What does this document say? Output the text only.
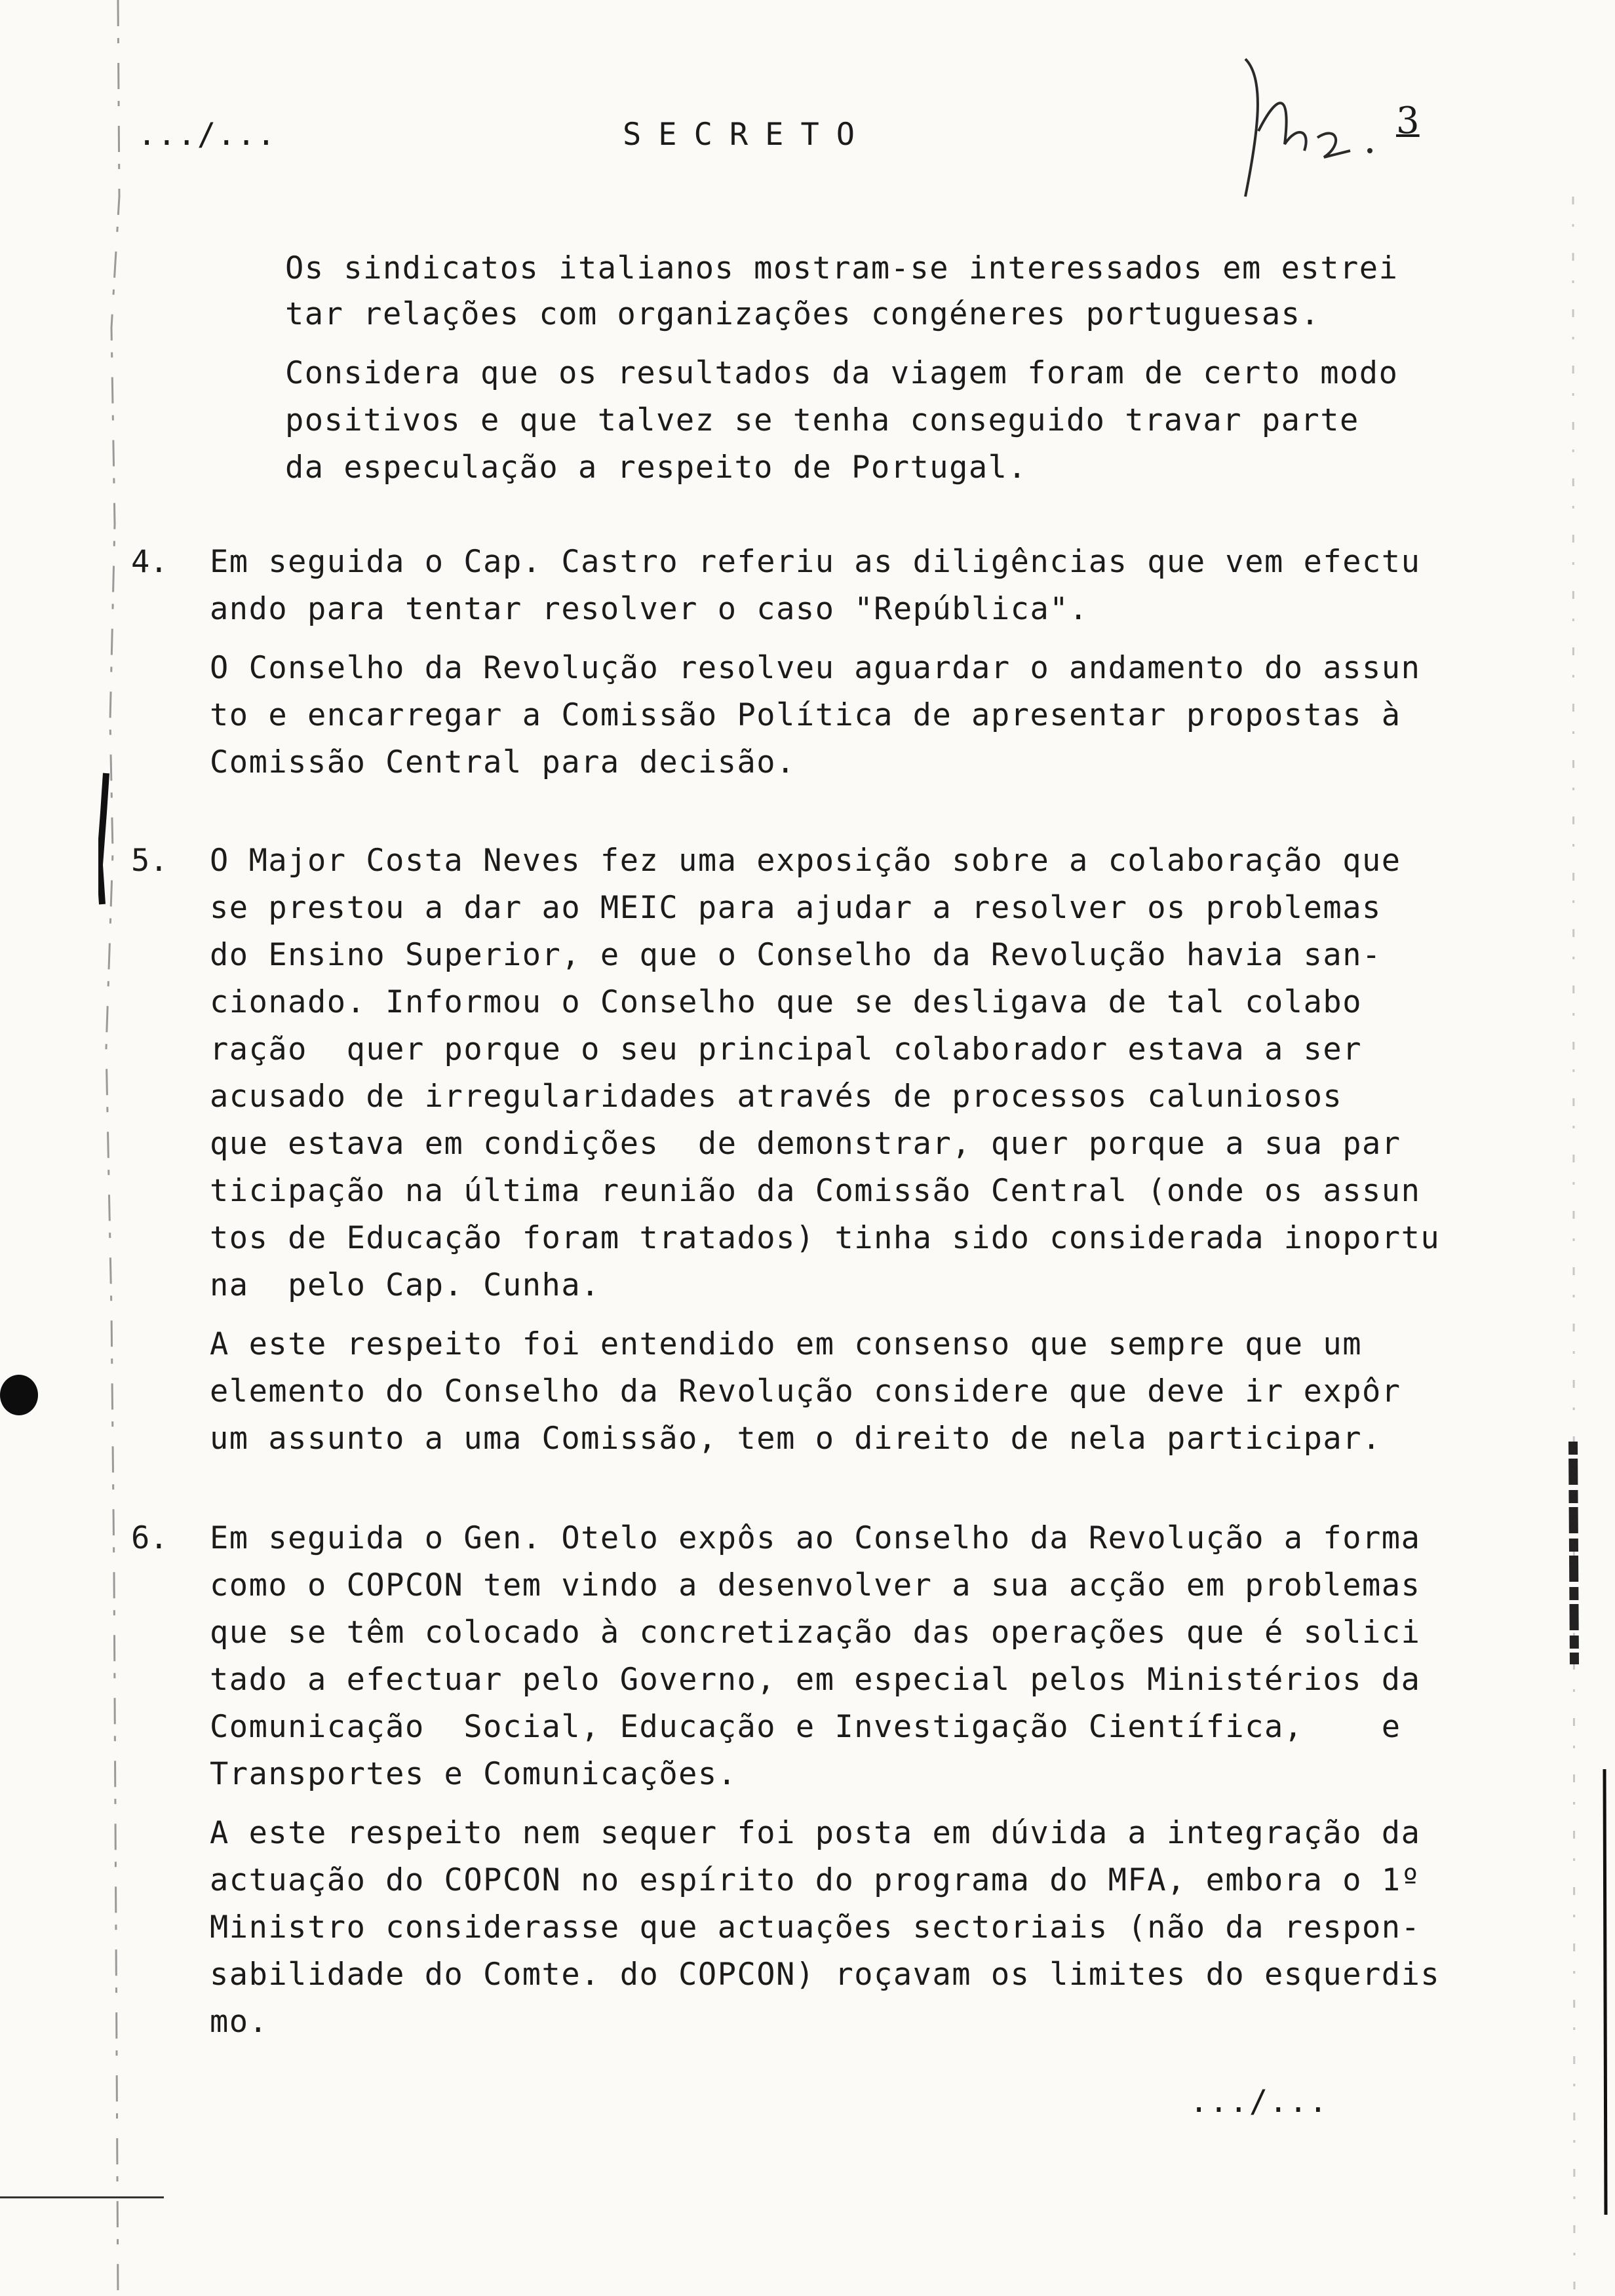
.../...	SECRETO	3
Os sindicatos italianos mostram-se interessados em estrei
tar relações com organizações congéneres portuguesas.
Considera que os resultados da viagem foram de certo modo
positivos e que talvez se tenha conseguido travar parte
da especulação a respeito de Portugal.
4. Em seguida o Cap. Castro referiu as diligências que vem efectu
ando para tentar resolver o caso "República".
O Conselho da Revolução resolveu aguardar o andamento do assun
to e encarregar a Comissão Política de apresentar propostas à
Comissão Central para decisão.
5. O Major Costa Neves fez uma exposição sobre a colaboração que
se prestou a dar ao MEIC para ajudar a resolver os problemas
do Ensino Superior, e que o Conselho da Revolução havia san-
cionado. Informou o Conselho que se desligava de tal colabo
ração  quer porque o seu principal colaborador estava a ser
acusado de irregularidades através de processos caluniosos
que estava em condições  de demonstrar, quer porque a sua par
ticipação na última reunião da Comissão Central (onde os assun
tos de Educação foram tratados) tinha sido considerada inoportu
na  pelo Cap. Cunha.
A este respeito foi entendido em consenso que sempre que um
elemento do Conselho da Revolução considere que deve ir expôr
um assunto a uma Comissão, tem o direito de nela participar.
6. Em seguida o Gen. Otelo expôs ao Conselho da Revolução a forma
como o COPCON tem vindo a desenvolver a sua acção em problemas
que se têm colocado à concretização das operações que é solici
tado a efectuar pelo Governo, em especial pelos Ministérios da
Comunicação  Social, Educação e Investigação Científica,    e
Transportes e Comunicações.
A este respeito nem sequer foi posta em dúvida a integração da
actuação do COPCON no espírito do programa do MFA, embora o 1º
Ministro considerasse que actuações sectoriais (não da respon-
sabilidade do Comte. do COPCON) roçavam os limites do esquerdis
mo.
.../...
